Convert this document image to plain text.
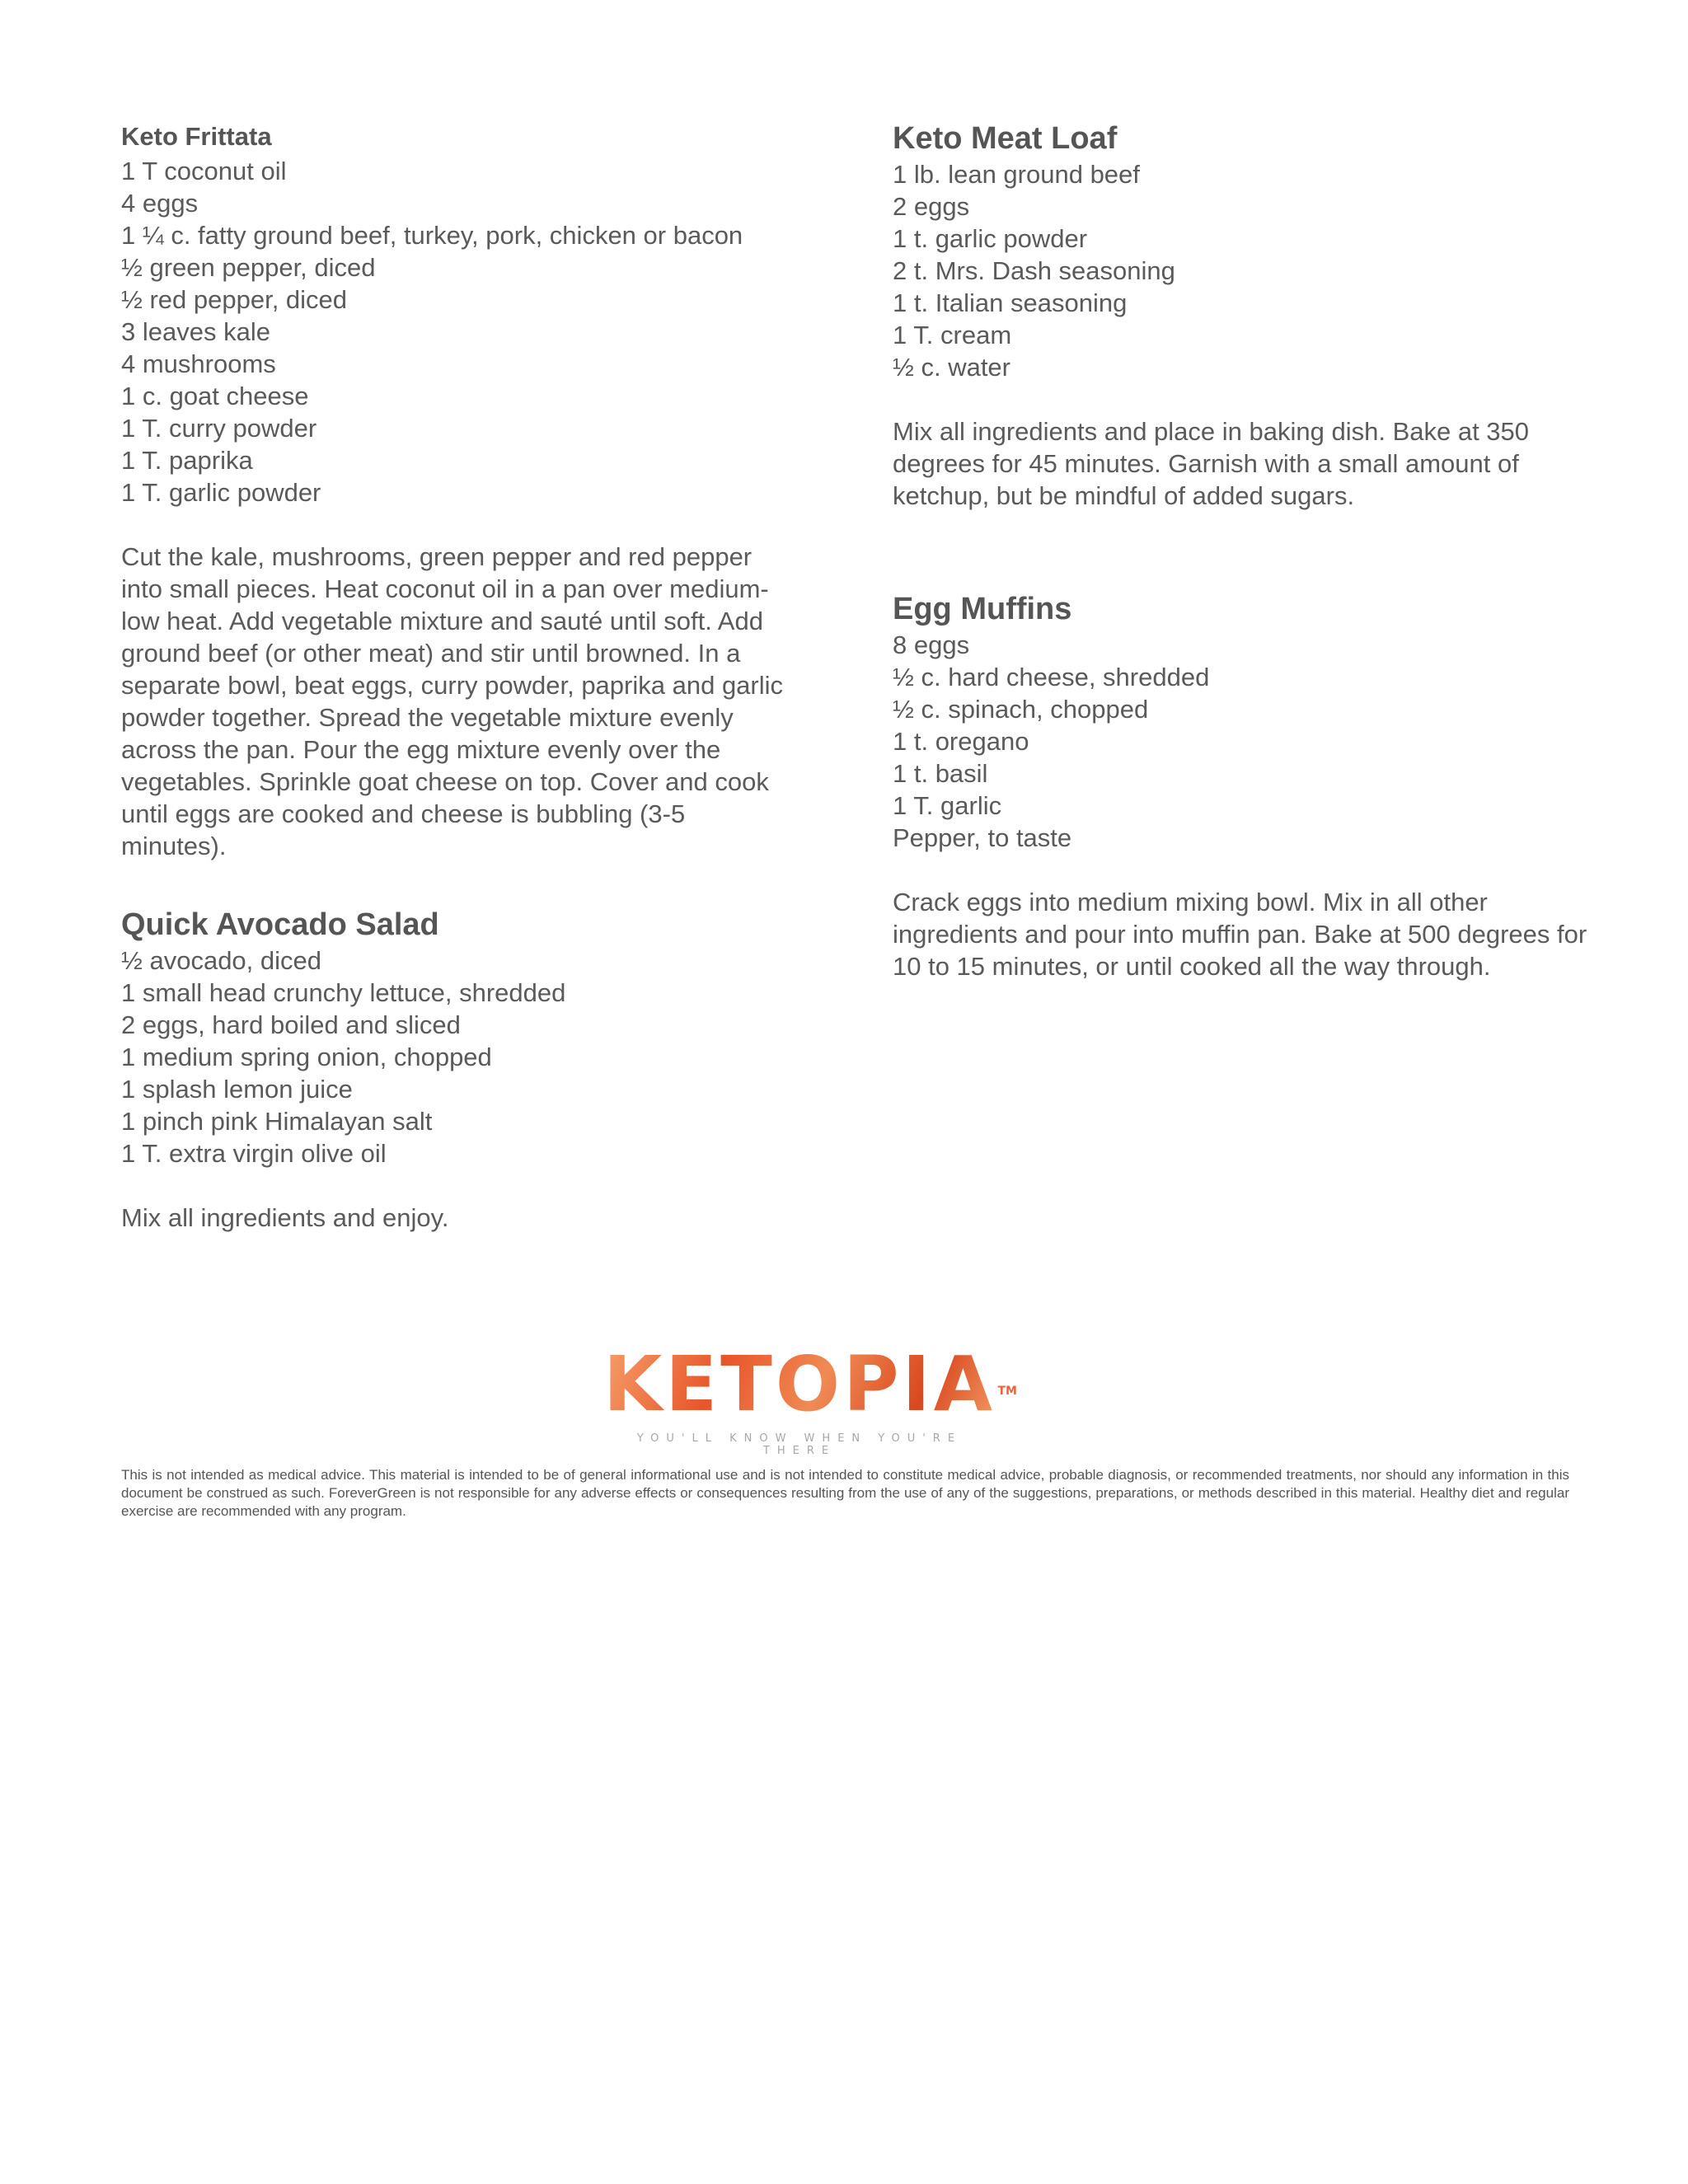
Keto Frittata
1 T coconut oil
4 eggs
1 ¼ c. fatty ground beef, turkey, pork, chicken or bacon
½ green pepper, diced
½ red pepper, diced
3 leaves kale
4 mushrooms
1 c. goat cheese
1 T. curry powder
1 T. paprika
1 T. garlic powder

Cut the kale, mushrooms, green pepper and red pepper into small pieces. Heat coconut oil in a pan over medium-low heat. Add vegetable mixture and sauté until soft. Add ground beef (or other meat) and stir until browned. In a separate bowl, beat eggs, curry powder, paprika and garlic powder together. Spread the vegetable mixture evenly across the pan. Pour the egg mixture evenly over the vegetables. Sprinkle goat cheese on top. Cover and cook until eggs are cooked and cheese is bubbling (3-5 minutes).

Quick Avocado Salad
½ avocado, diced
1 small head crunchy lettuce, shredded
2 eggs, hard boiled and sliced
1 medium spring onion, chopped
1 splash lemon juice
1 pinch pink Himalayan salt
1 T. extra virgin olive oil

Mix all ingredients and enjoy.

Keto Meat Loaf
1 lb. lean ground beef
2 eggs
1 t. garlic powder
2 t. Mrs. Dash seasoning
1 t. Italian seasoning
1 T. cream
½ c. water

Mix all ingredients and place in baking dish. Bake at 350 degrees for 45 minutes. Garnish with a small amount of ketchup, but be mindful of added sugars.

Egg Muffins
8 eggs
½ c. hard cheese, shredded
½ c. spinach, chopped
1 t. oregano
1 t. basil
1 T. garlic
Pepper, to taste

Crack eggs into medium mixing bowl. Mix in all other ingredients and pour into muffin pan. Bake at 500 degrees for 10 to 15 minutes, or until cooked all the way through.

KETOPIA TM
YOU'LL KNOW WHEN YOU'RE THERE

This is not intended as medical advice. This material is intended to be of general informational use and is not intended to constitute medical advice, probable diagnosis, or recommended treatments, nor should any information in this document be construed as such. ForeverGreen is not responsible for any adverse effects or consequences resulting from the use of any of the suggestions, preparations, or methods described in this material. Healthy diet and regular exercise are recommended with any program.
